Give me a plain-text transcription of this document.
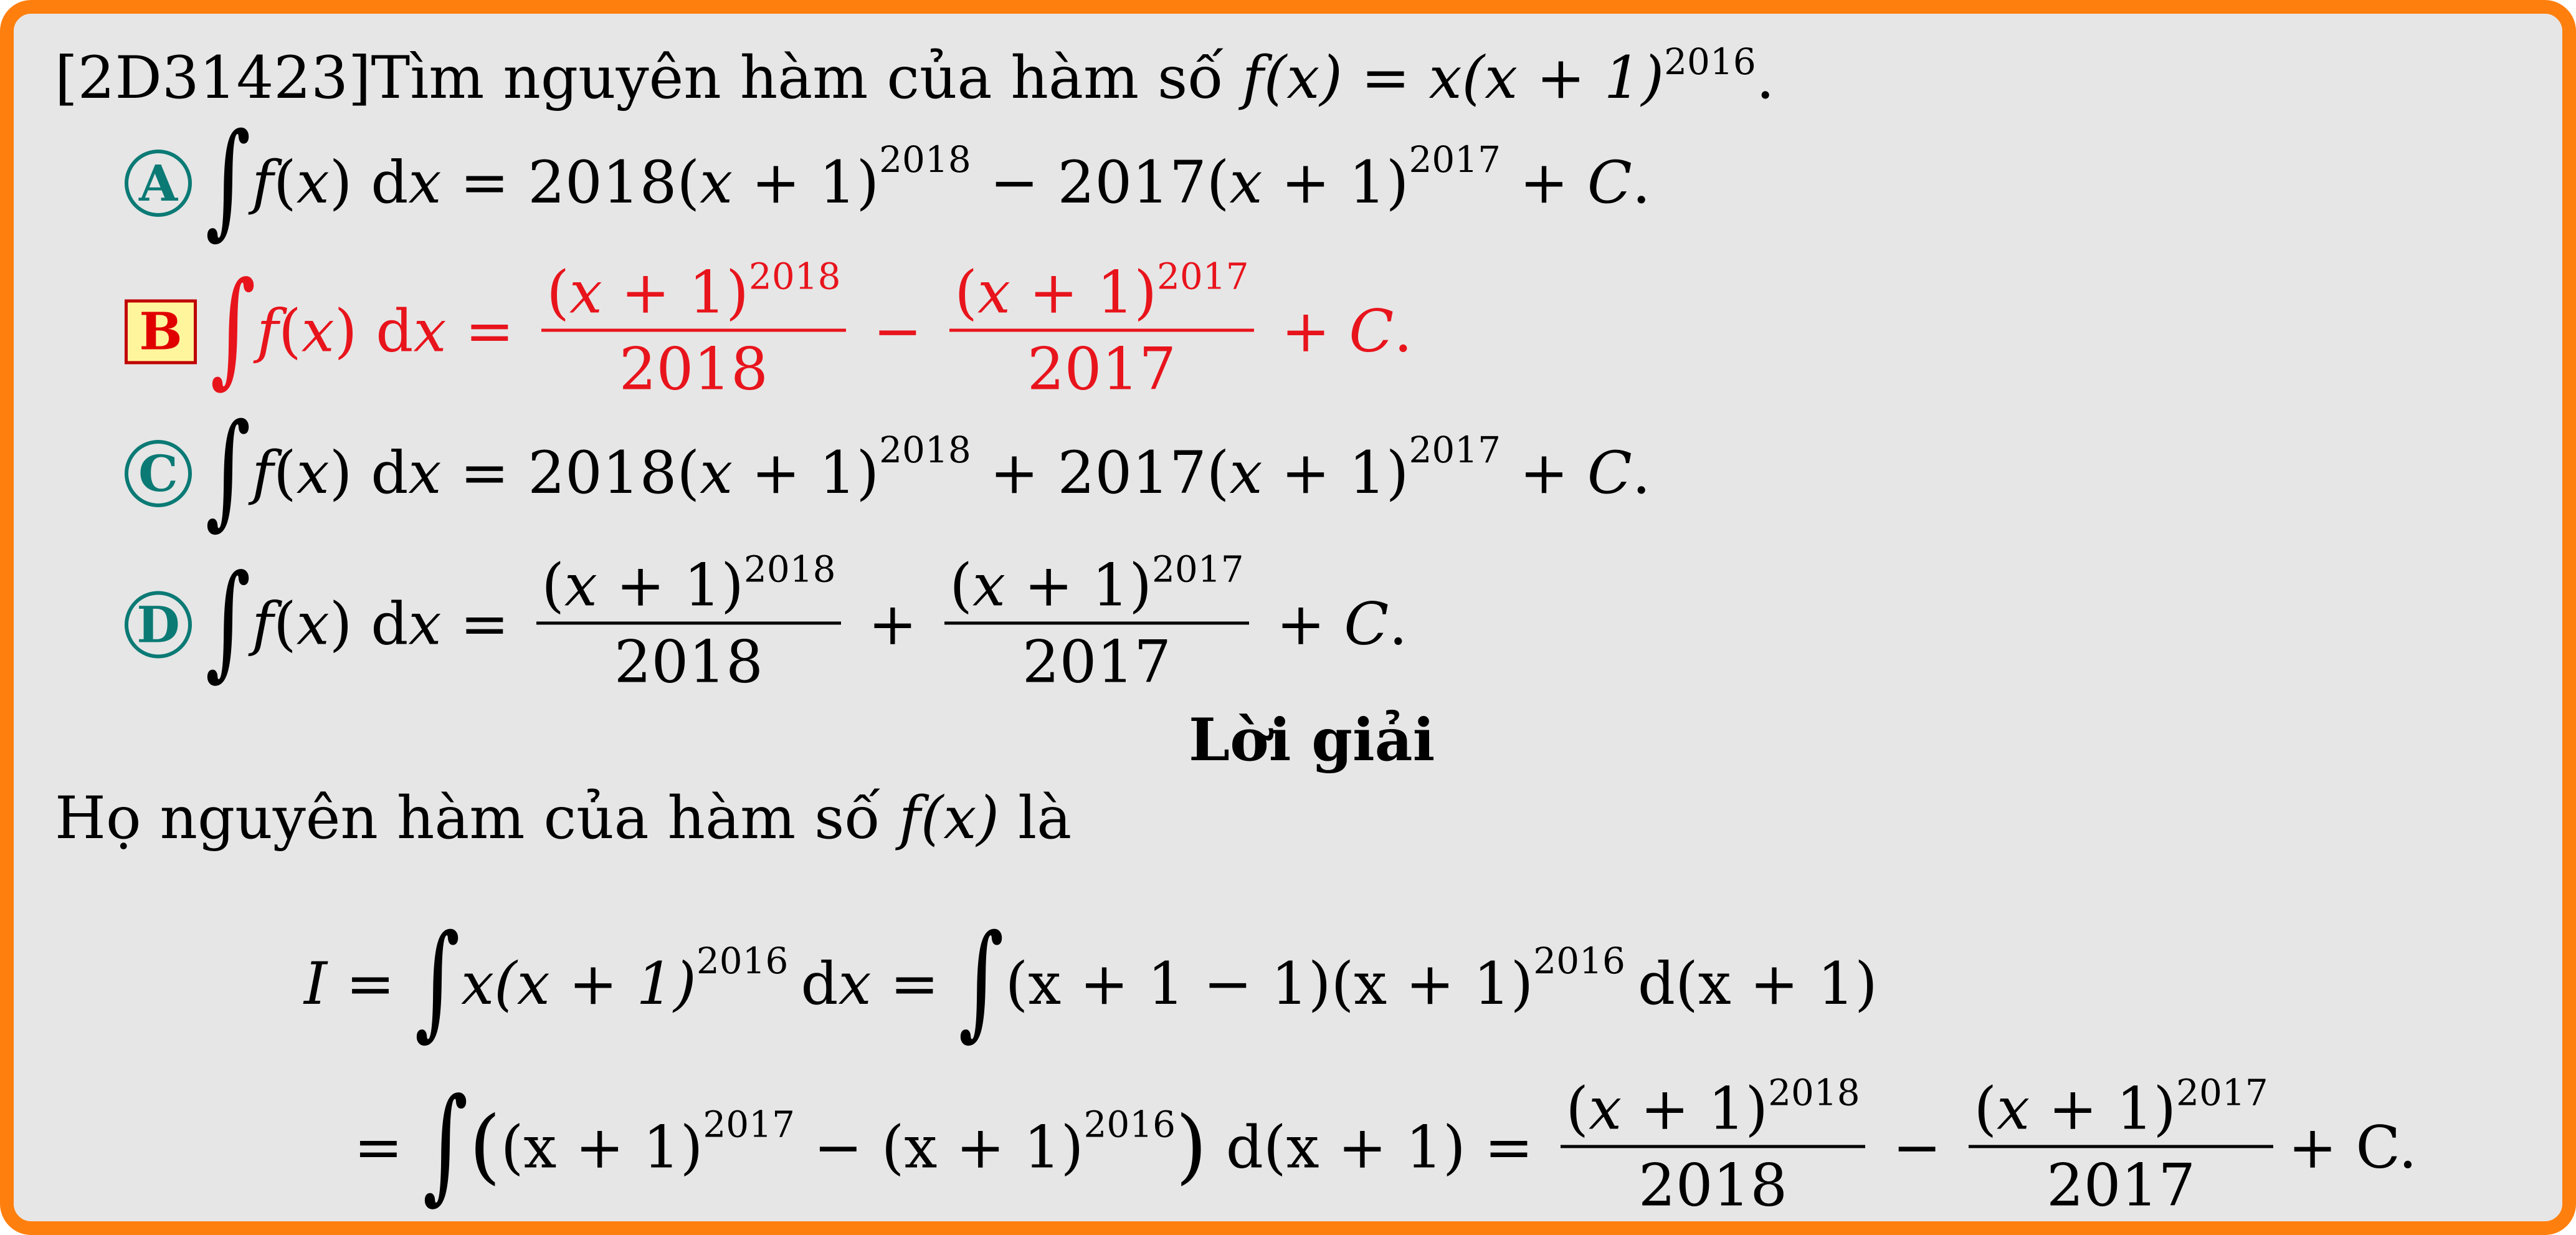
[2D31423] Tìm nguyên hàm của hàm số $f(x) = x(x + 1)^{2016}$.
A ∫ f(x) dx = 2018 $(x + 1)^{2018} - 2017$ $(x + 1)^{2017} + C$ .
B ∫ f(x) dx = $\frac{(x + 1)^{2018}}{2018} - \frac{(x + 1)^{2017}}{2017} + C$ .
C ∫ f(x) dx = 2018 $(x + 1)^{2018} + 2017$ $(x + 1)^{2017} + C$ .
D ∫ f(x) dx = $\frac{(x + 1)^{2018}}{2018} + \frac{(x + 1)^{2017}}{2017} + C$ .
Lời giải
Họ nguyên hàm của hàm số f(x) là
I = ∫ $x(x + 1)^{2016}$ dx = ∫ $(x + 1 - 1)(x + 1)^{2016}$ d(x + 1)
= ∫ ( $(x + 1)^{2017} - (x + 1)^{2016}$ ) $d(x + 1) = \frac{(x + 1)^{2018}}{2018} - \frac{(x + 1)^{2017}}{2017} + C$.
